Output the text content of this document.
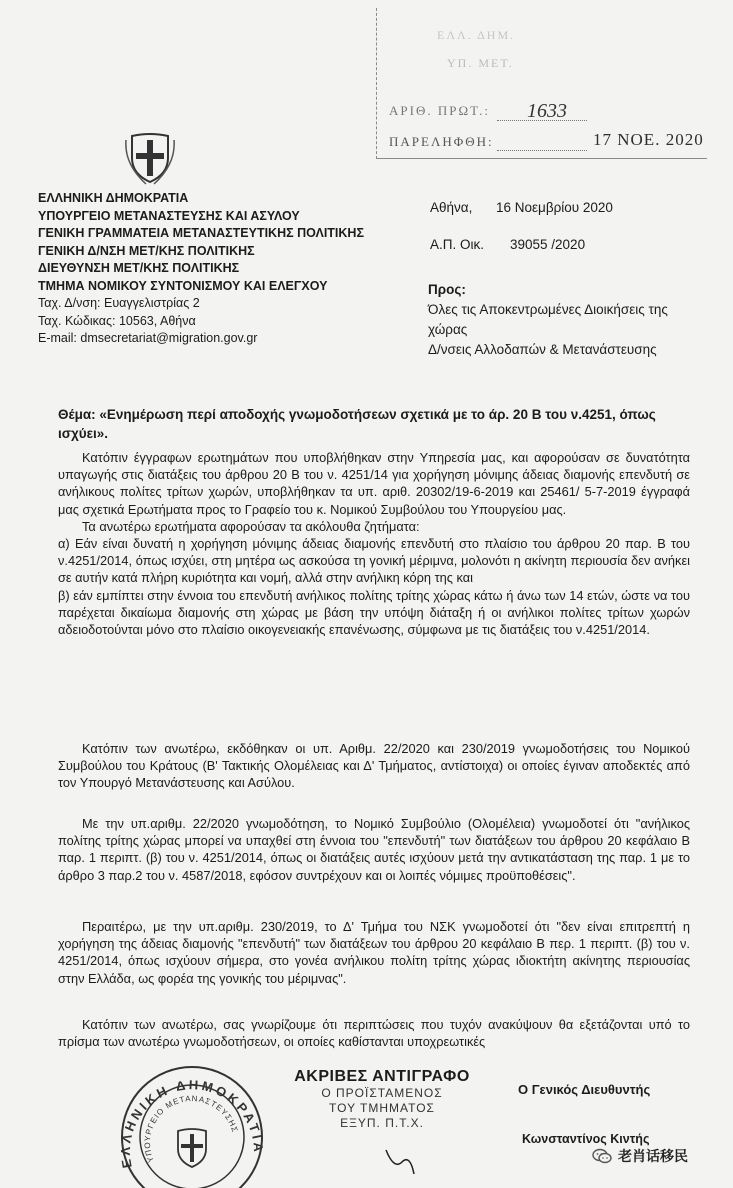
ΕΛΛ. ΔΗΜ.
ΥΠ. ΜΕΤ.
ΑΡΙΘ. ΠΡΩΤ.: 1633
ΠΑΡΕΛΗΦΘΗ:	17 ΝΟΕ. 2020
ΕΛΛΗΝΙΚΗ ΔΗΜΟΚΡΑΤΙΑ
ΥΠΟΥΡΓΕΙΟ ΜΕΤΑΝΑΣΤΕΥΣΗΣ ΚΑΙ ΑΣΥΛΟΥ
ΓΕΝΙΚΗ ΓΡΑΜΜΑΤΕΙΑ ΜΕΤΑΝΑΣΤΕΥΤΙΚΗΣ ΠΟΛΙΤΙΚΗΣ
ΓΕΝΙΚΗ Δ/ΝΣΗ ΜΕΤ/ΚΗΣ ΠΟΛΙΤΙΚΗΣ
ΔΙΕΥΘΥΝΣΗ ΜΕΤ/ΚΗΣ ΠΟΛΙΤΙΚΗΣ
ΤΜΗΜΑ ΝΟΜΙΚΟΥ ΣΥΝΤΟΝΙΣΜΟΥ ΚΑΙ ΕΛΕΓΧΟΥ
Ταχ. Δ/νση: Ευαγγελιστρίας 2
Ταχ. Κώδικας: 10563, Αθήνα
E-mail: dmsecretariat@migration.gov.gr
Αθήνα, 16 Νοεμβρίου 2020
Α.Π. Οικ. 39055 /2020
Προς:
Όλες τις Αποκεντρωμένες Διοικήσεις της
χώρας
Δ/νσεις Αλλοδαπών & Μετανάστευσης
Θέμα: «Ενημέρωση περί αποδοχής γνωμοδοτήσεων σχετικά με το άρ. 20 Β του ν.4251, όπως ισχύει».

Κατόπιν έγγραφων ερωτημάτων που υποβλήθηκαν στην Υπηρεσία μας, και αφορούσαν σε δυνατότητα υπαγωγής στις διατάξεις του άρθρου 20 Β του ν. 4251/14 για χορήγηση μόνιμης άδειας διαμονής επενδυτή σε ανήλικους πολίτες τρίτων χωρών, υποβλήθηκαν τα υπ. αριθ. 20302/19-6-2019 και 25461/ 5-7-2019 έγγραφά μας σχετικά Ερωτήματα προς το Γραφείο του κ. Νομικού Συμβούλου του Υπουργείου μας.

Τα ανωτέρω ερωτήματα αφορούσαν τα ακόλουθα ζητήματα:

α) Εάν είναι δυνατή η χορήγηση μόνιμης άδειας διαμονής επενδυτή στο πλαίσιο του άρθρου 20 παρ. Β του ν.4251/2014, όπως ισχύει, στη μητέρα ως ασκούσα τη γονική μέριμνα, μολονότι η ακίνητη περιουσία δεν ανήκει σε αυτήν κατά πλήρη κυριότητα και νομή, αλλά στην ανήλικη κόρη της και

β) εάν εμπίπτει στην έννοια του επενδυτή ανήλικος πολίτης τρίτης χώρας κάτω ή άνω των 14 ετών, ώστε να του παρέχεται δικαίωμα διαμονής στη χώρας με βάση την υπόψη διάταξη ή οι ανήλικοι πολίτες τρίτων χωρών αδειοδοτούνται μόνο στο πλαίσιο οικογενειακής επανένωσης, σύμφωνα με τις διατάξεις του ν.4251/2014.

Κατόπιν των ανωτέρω, εκδόθηκαν οι υπ. Αριθμ. 22/2020 και 230/2019 γνωμοδοτήσεις του Νομικού Συμβούλου του Κράτους (Β' Τακτικής Ολομέλειας και Δ' Τμήματος, αντίστοιχα) οι οποίες έγιναν αποδεκτές από τον Υπουργό Μετανάστευσης και Ασύλου.

Με την υπ.αριθμ. 22/2020 γνωμοδότηση, το Νομικό Συμβούλιο (Ολομέλεια) γνωμοδοτεί ότι "ανήλικος πολίτης τρίτης χώρας μπορεί να υπαχθεί στη έννοια του "επενδυτή" των διατάξεων του άρθρου 20 κεφάλαιο Β παρ. 1 περιπτ. (β) του ν. 4251/2014, όπως οι διατάξεις αυτές ισχύουν μετά την αντικατάσταση της παρ. 1 με το άρθρο 3 παρ.2 του ν. 4587/2018, εφόσον συντρέχουν και οι λοιπές νόμιμες προϋποθέσεις".

Περαιτέρω, με την υπ.αριθμ. 230/2019, το Δ' Τμήμα του ΝΣΚ γνωμοδοτεί ότι "δεν είναι επιτρεπτή η χορήγηση της άδειας διαμονής "επενδυτή" των διατάξεων του άρθρου 20 κεφάλαιο Β περ. 1 περιπτ. (β) του ν. 4251/2014, όπως ισχύουν σήμερα, στο γονέα ανήλικου πολίτη τρίτης χώρας ιδιοκτήτη ακίνητης περιουσίας στην Ελλάδα, ως φορέα της γονικής του μέριμνας".

Κατόπιν των ανωτέρω, σας γνωρίζουμε ότι περιπτώσεις που τυχόν ανακύψουν θα εξετάζονται υπό το πρίσμα των ανωτέρω γνωμοδοτήσεων, οι οποίες καθίστανται υποχρεωτικές

ΕΛΛΗΝΙΚΗ ΔΗΜΟΚΡΑΤΙΑ
ΥΠΟΥΡΓΕΙΟ ΜΕΤΑΝΑΣΤΕΥΣΗΣ
ΑΚΡΙΒΕΣ ΑΝΤΙΓΡΑΦΟ
Ο ΠΡΟΪΣΤΑΜΕΝΟΣ
ΤΟΥ ΤΜΗΜΑΤΟΣ
ΕΞΥΠ. Π.Τ.Χ.
Ο Γενικός Διευθυντής
Κωνσταντίνος Κιντής
老肖话移民
